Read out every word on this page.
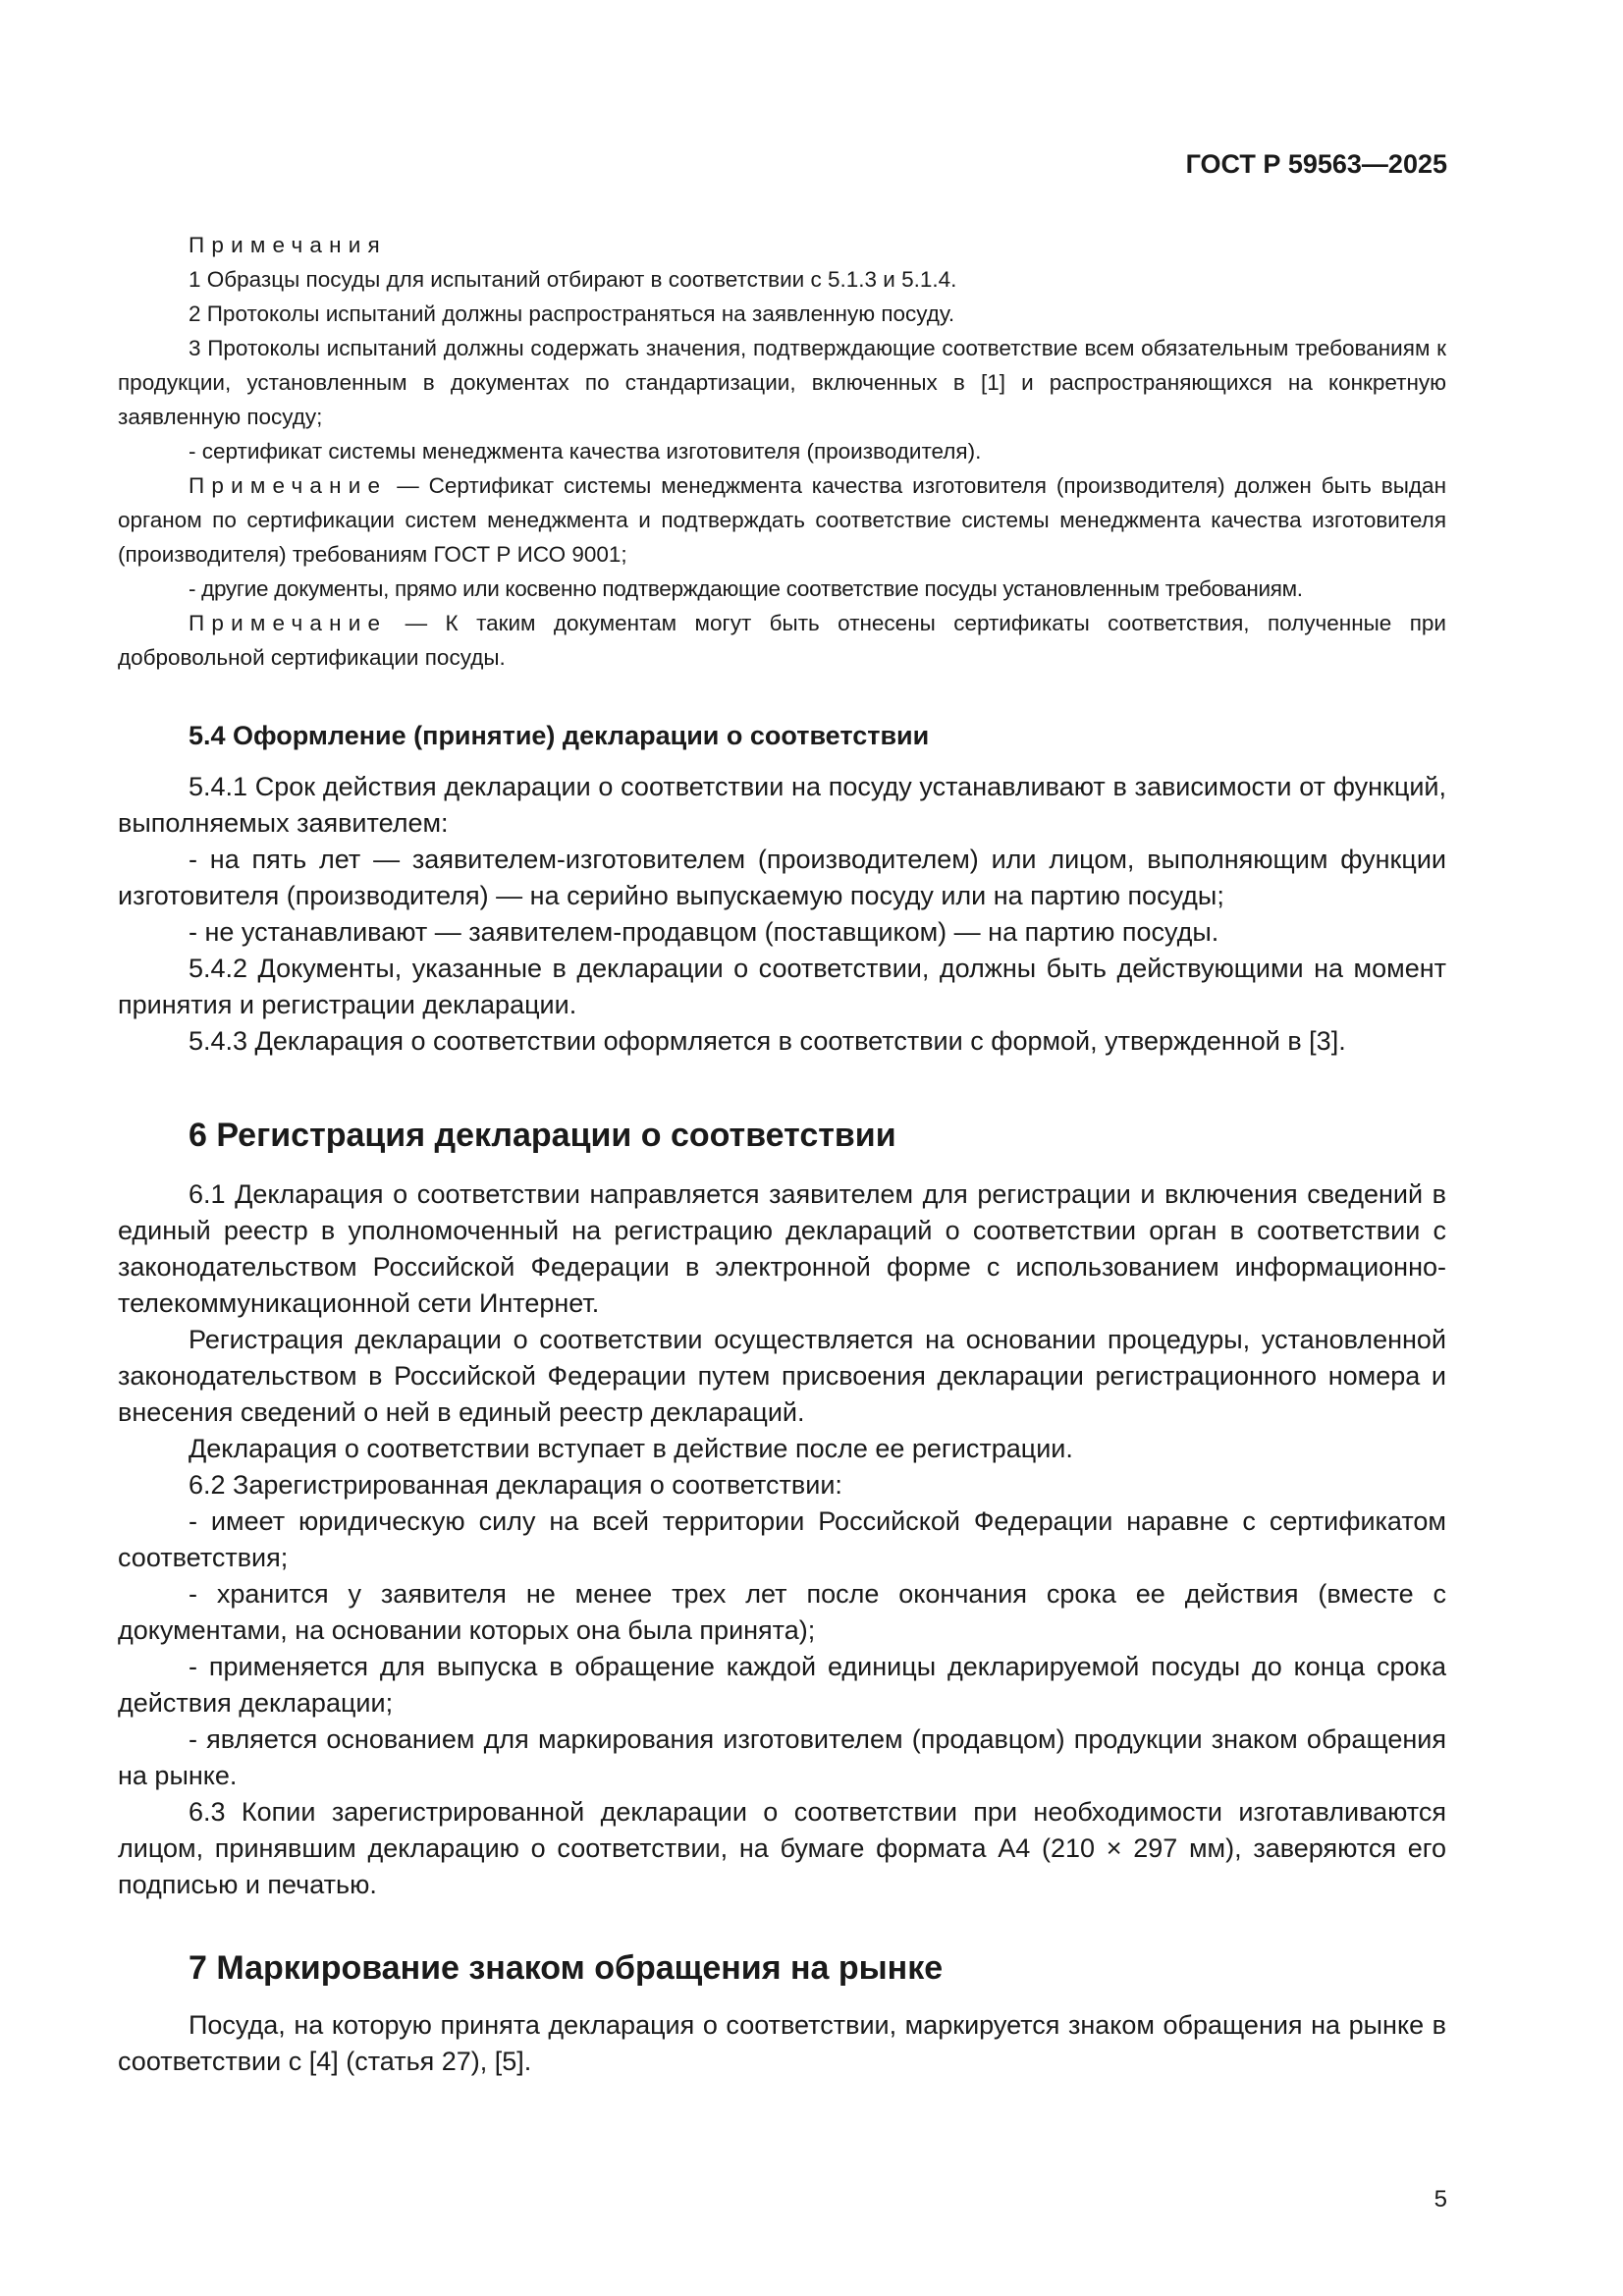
ГОСТ Р 59563—2025

Примечания

1 Образцы посуды для испытаний отбирают в соответствии с 5.1.3 и 5.1.4.

2 Протоколы испытаний должны распространяться на заявленную посуду.

3 Протоколы испытаний должны содержать значения, подтверждающие соответствие всем обязательным требованиям к продукции, установленным в документах по стандартизации, включенных в [1] и распространяющихся на конкретную заявленную посуду;

- сертификат системы менеджмента качества изготовителя (производителя).

Примечание — Сертификат системы менеджмента качества изготовителя (производителя) должен быть выдан органом по сертификации систем менеджмента и подтверждать соответствие системы менеджмента качества изготовителя (производителя) требованиям ГОСТ Р ИСО 9001;

- другие документы, прямо или косвенно подтверждающие соответствие посуды установленным требованиям.

Примечание — К таким документам могут быть отнесены сертификаты соответствия, полученные при добровольной сертификации посуды.

5.4 Оформление (принятие) декларации о соответствии

5.4.1 Срок действия декларации о соответствии на посуду устанавливают в зависимости от функций, выполняемых заявителем:

- на пять лет — заявителем-изготовителем (производителем) или лицом, выполняющим функции изготовителя (производителя) — на серийно выпускаемую посуду или на партию посуды;

- не устанавливают — заявителем-продавцом (поставщиком) — на партию посуды.

5.4.2 Документы, указанные в декларации о соответствии, должны быть действующими на момент принятия и регистрации декларации.

5.4.3 Декларация о соответствии оформляется в соответствии с формой, утвержденной в [3].

6 Регистрация декларации о соответствии

6.1 Декларация о соответствии направляется заявителем для регистрации и включения сведений в единый реестр в уполномоченный на регистрацию деклараций о соответствии орган в соответствии с законодательством Российской Федерации в электронной форме с использованием информационно-телекоммуникационной сети Интернет.

Регистрация декларации о соответствии осуществляется на основании процедуры, установленной законодательством в Российской Федерации путем присвоения декларации регистрационного номера и внесения сведений о ней в единый реестр деклараций.

Декларация о соответствии вступает в действие после ее регистрации.

6.2 Зарегистрированная декларация о соответствии:

- имеет юридическую силу на всей территории Российской Федерации наравне с сертификатом соответствия;

- хранится у заявителя не менее трех лет после окончания срока ее действия (вместе с документами, на основании которых она была принята);

- применяется для выпуска в обращение каждой единицы декларируемой посуды до конца срока действия декларации;

- является основанием для маркирования изготовителем (продавцом) продукции знаком обращения на рынке.

6.3 Копии зарегистрированной декларации о соответствии при необходимости изготавливаются лицом, принявшим декларацию о соответствии, на бумаге формата А4 (210 × 297 мм), заверяются его подписью и печатью.

7 Маркирование знаком обращения на рынке

Посуда, на которую принята декларация о соответствии, маркируется знаком обращения на рынке в соответствии с [4] (статья 27), [5].

5
